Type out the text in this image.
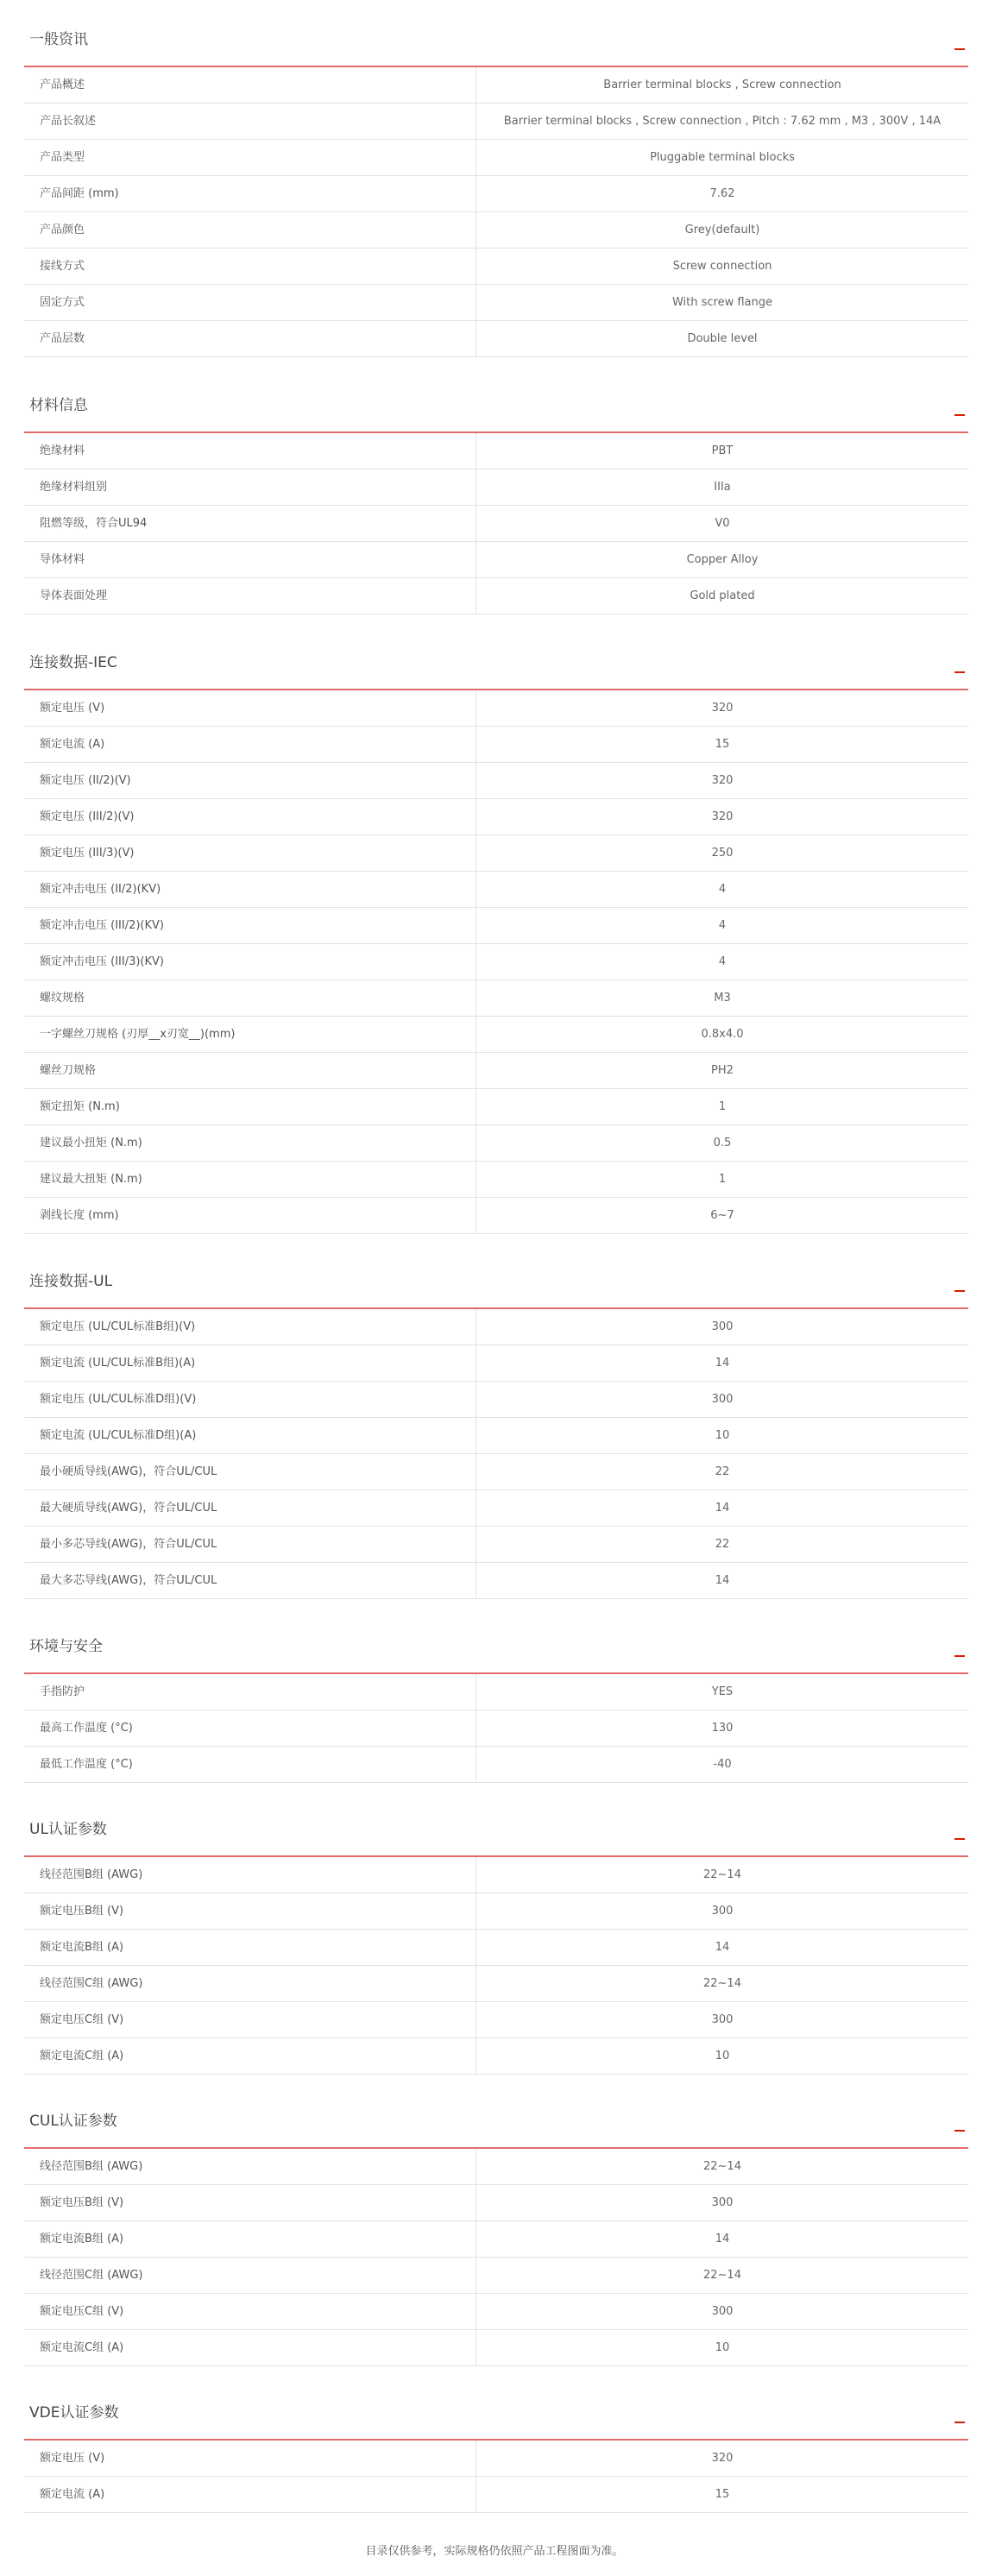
一般资讯
产品概述	Barrier terminal blocks , Screw connection
产品长叙述	Barrier terminal blocks , Screw connection , Pitch : 7.62 mm , M3 , 300V , 14A
产品类型	Pluggable terminal blocks
产品间距 (mm)	7.62
产品颜色	Grey(default)
接线方式	Screw connection
固定方式	With screw flange
产品层数	Double level
材料信息
绝缘材料	PBT
绝缘材料组别	IIIa
阻燃等级，符合UL94	V0
导体材料	Copper Alloy
导体表面处理	Gold plated
连接数据-IEC
额定电压 (V)	320
额定电流 (A)	15
额定电压 (II/2)(V)	320
额定电压 (III/2)(V)	320
额定电压 (III/3)(V)	250
额定冲击电压 (II/2)(KV)	4
额定冲击电压 (III/2)(KV)	4
额定冲击电压 (III/3)(KV)	4
螺纹规格	M3
一字螺丝刀规格 (刃厚__x刃宽__)(mm)	0.8x4.0
螺丝刀规格	PH2
额定扭矩 (N.m)	1
建议最小扭矩 (N.m)	0.5
建议最大扭矩 (N.m)	1
剥线长度 (mm)	6~7
连接数据-UL
额定电压 (UL/CUL标准B组)(V)	300
额定电流 (UL/CUL标准B组)(A)	14
额定电压 (UL/CUL标准D组)(V)	300
额定电流 (UL/CUL标准D组)(A)	10
最小硬质导线(AWG)，符合UL/CUL	22
最大硬质导线(AWG)，符合UL/CUL	14
最小多芯导线(AWG)，符合UL/CUL	22
最大多芯导线(AWG)，符合UL/CUL	14
环境与安全
手指防护	YES
最高工作温度 (°C)	130
最低工作温度 (°C)	-40
UL认证参数
线径范围B组 (AWG)	22~14
额定电压B组 (V)	300
额定电流B组 (A)	14
线径范围C组 (AWG)	22~14
额定电压C组 (V)	300
额定电流C组 (A)	10
CUL认证参数
线径范围B组 (AWG)	22~14
额定电压B组 (V)	300
额定电流B组 (A)	14
线径范围C组 (AWG)	22~14
额定电压C组 (V)	300
额定电流C组 (A)	10
VDE认证参数
额定电压 (V)	320
额定电流 (A)	15
目录仅供参考，实际规格仍依照产品工程图面为准。
